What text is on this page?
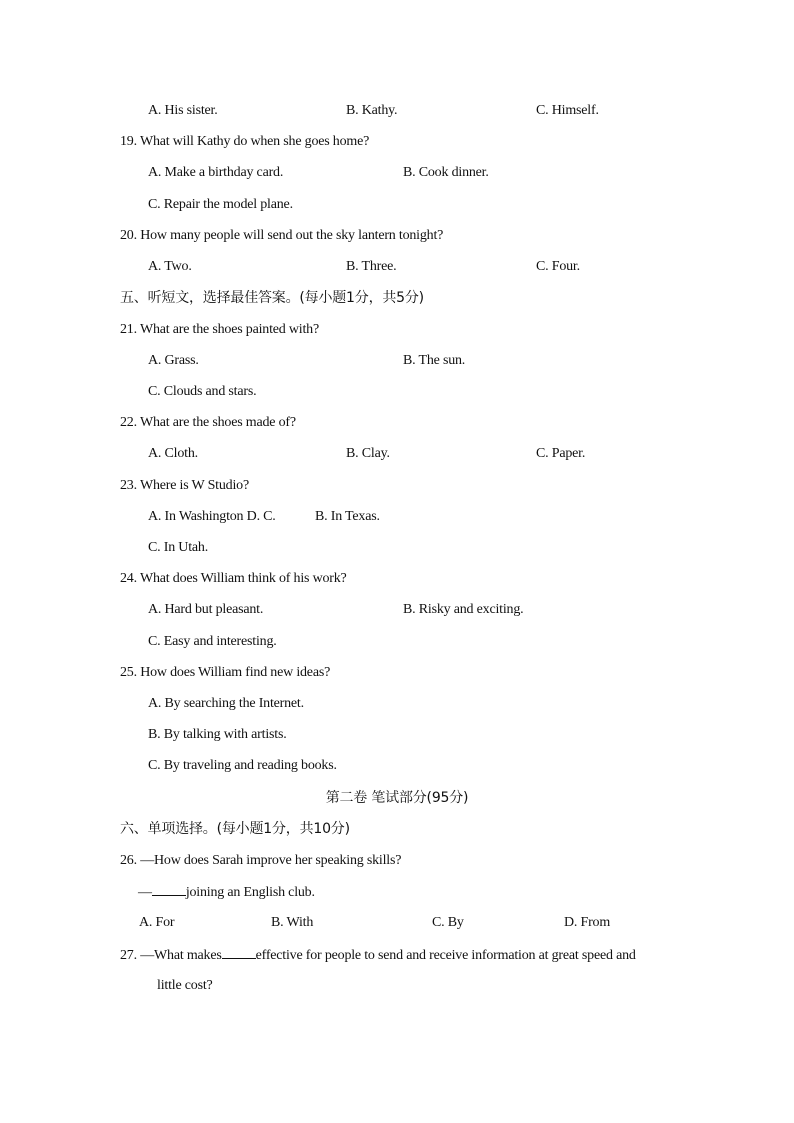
A. His sister.	B. Kathy.	C. Himself.
19. What will Kathy do when she goes home?
A. Make a birthday card.	B. Cook dinner.
C. Repair the model plane.
20. How many people will send out the sky lantern tonight?
A. Two.	B. Three.	C. Four.
五、听短文，选择最佳答案。(每小题1分，共5分)
21. What are the shoes painted with?
A. Grass.	B. The sun.
C. Clouds and stars.
22. What are the shoes made of?
A. Cloth.	B. Clay.	C. Paper.
23. Where is W Studio?
A. In Washington D. C.	B. In Texas.
C. In Utah.
24. What does William think of his work?
A. Hard but pleasant.	B. Risky and exciting.
C. Easy and interesting.
25. How does William find new ideas?
A. By searching the Internet.
B. By talking with artists.
C. By traveling and reading books.
第二卷 笔试部分(95分)
六、单项选择。(每小题1分，共10分)
26. —How does Sarah improve her speaking skills?
— joining an English club.
A. For	B. With	C. By	D. From
27. —What makes effective for people to send and receive information at great speed and
little cost?
